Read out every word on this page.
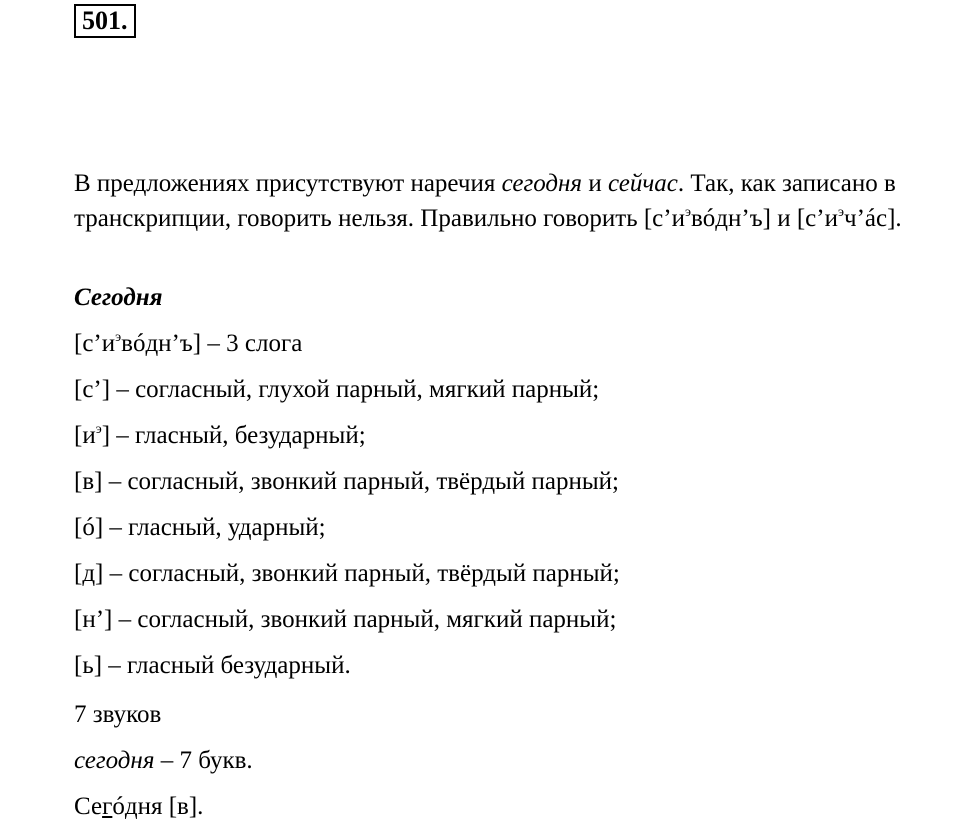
501.
В предложениях присутствуют наречия сегодня и сейчас. Так, как записано в транскрипции, говорить нельзя. Правильно говорить $[с’и^эвóдн’ъ]$ и $[с’и^эч’áс]$.
Сегодня
$[с’и^эвóдн’ъ] - 3$ слога
[с’] – согласный, глухой парный, мягкий парный;
$[и^э]$ – гласный, безударный;
[в] – согласный, звонкий парный, твёрдый парный;
[ó] – гласный, ударный;
[д] – согласный, звонкий парный, твёрдый парный;
[н’] – согласный, звонкий парный, мягкий парный;
[ь] – гласный безударный.
7 звуков
сегодня – 7 букв.
Сегóдня [в].
